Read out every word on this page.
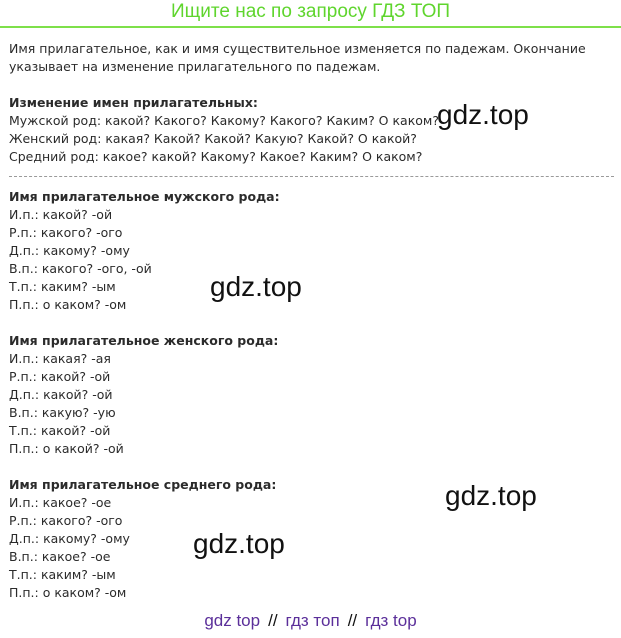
Ищите нас по запросу ГДЗ ТОП

Имя прилагательное, как и имя существительное изменяется по падежам. Окончание указывает на изменение прилагательного по падежам.

Изменение имен прилагательных:

Мужской род: какой? Какого? Какому? Какого? Каким? О каком?

Женский род: какая? Какой? Какой? Какую? Какой? О какой?

Средний род: какое? какой? Какому? Какое? Каким? О каком?

Имя прилагательное мужского рода:

И.п.: какой? -ой

Р.п.: какого? -ого

Д.п.: какому? -ому

В.п.: какого? -ого, -ой

Т.п.: каким? -ым

П.п.: о каком? -ом

Имя прилагательное женского рода:

И.п.: какая? -ая

Р.п.: какой? -ой

Д.п.: какой? -ой

В.п.: какую? -ую

Т.п.: какой? -ой

П.п.: о какой? -ой

Имя прилагательное среднего рода:

И.п.: какое? -ое

Р.п.: какого? -ого

Д.п.: какому? -ому

В.п.: какое? -ое

Т.п.: каким? -ым

П.п.: о каком? -ом

gdz.top
gdz.top
gdz.top
gdz.top
gdz top // гдз топ // гдз top
